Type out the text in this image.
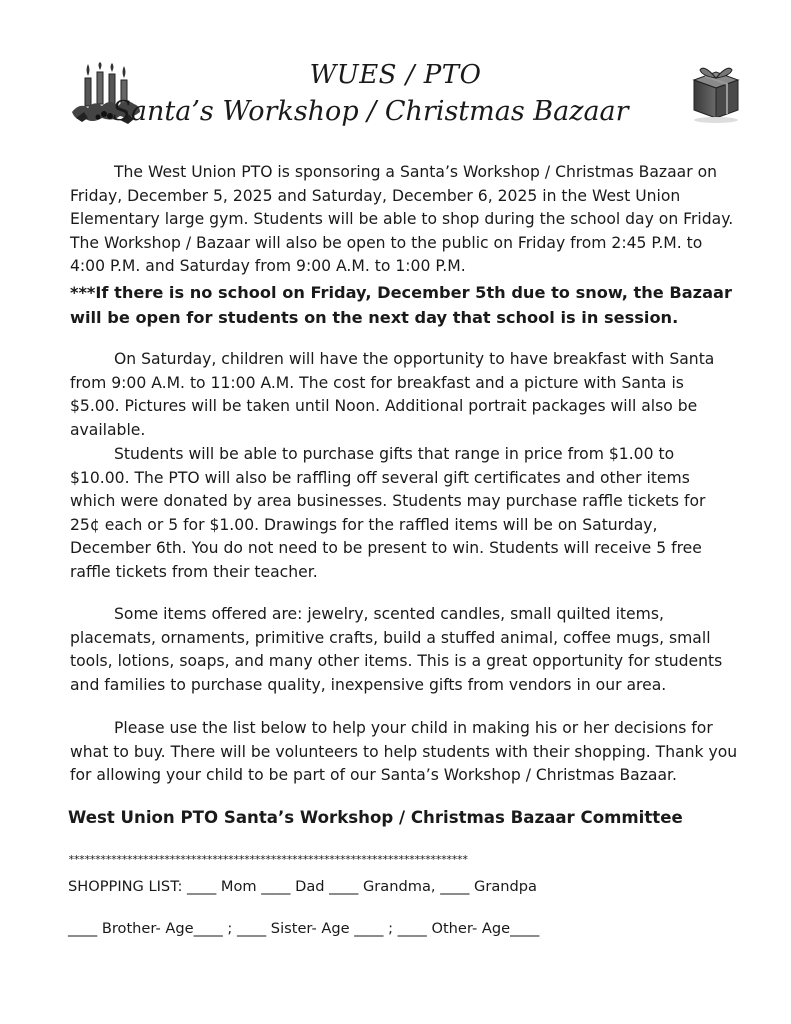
WUES / PTO
Santa’s Workshop / Christmas Bazaar

The West Union PTO is sponsoring a Santa’s Workshop / Christmas Bazaar on Friday, December 5, 2025 and Saturday, December 6, 2025 in the West Union Elementary large gym. Students will be able to shop during the school day on Friday. The Workshop / Bazaar will also be open to the public on Friday from 2:45 P.M. to 4:00 P.M. and Saturday from 9:00 A.M. to 1:00 P.M.

***If there is no school on Friday, December 5th due to snow, the Bazaar will be open for students on the next day that school is in session.

On Saturday, children will have the opportunity to have breakfast with Santa from 9:00 A.M. to 11:00 A.M. The cost for breakfast and a picture with Santa is $5.00. Pictures will be taken until Noon. Additional portrait packages will also be available.

Students will be able to purchase gifts that range in price from $1.00 to $10.00. The PTO will also be raffling off several gift certificates and other items which were donated by area businesses. Students may purchase raffle tickets for 25¢ each or 5 for $1.00. Drawings for the raffled items will be on Saturday, December 6th. You do not need to be present to win. Students will receive 5 free raffle tickets from their teacher.

Some items offered are: jewelry, scented candles, small quilted items, placemats, ornaments, primitive crafts, build a stuffed animal, coffee mugs, small tools, lotions, soaps, and many other items. This is a great opportunity for students and families to purchase quality, inexpensive gifts from vendors in our area.

Please use the list below to help your child in making his or her decisions for what to buy. There will be volunteers to help students with their shopping. Thank you for allowing your child to be part of our Santa’s Workshop / Christmas Bazaar.

West Union PTO Santa’s Workshop / Christmas Bazaar Committee

***************************************************************************

SHOPPING LIST: ____ Mom ____ Dad ____ Grandma, ____ Grandpa

____ Brother- Age____ ; ____ Sister- Age ____ ; ____ Other- Age____
